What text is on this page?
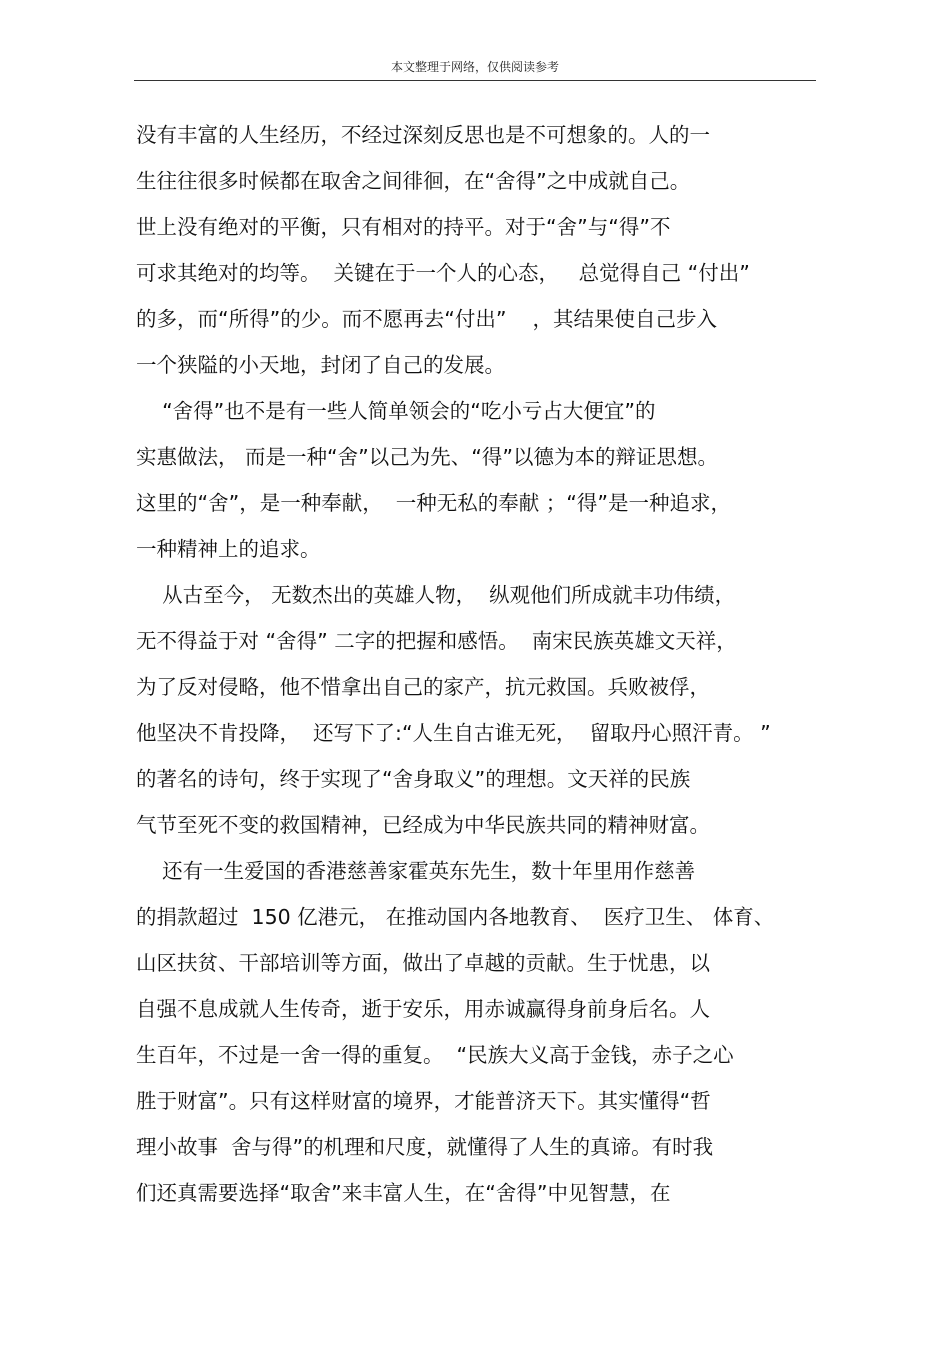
本文整理于网络，仅供阅读参考
没有丰富的人生经历，不经过深刻反思也是不可想象的。人的一
生往往很多时候都在取舍之间徘徊，在“舍得”之中成就自己。
世上没有绝对的平衡，只有相对的持平。对于“舍”与“得”不
可求其绝对的均等。  关键在于一个人的心态，   总觉得自己 “付出”
的多，而“所得”的少。而不愿再去“付出”    ，其结果使自己步入
一个狭隘的小天地，封闭了自己的发展。
“舍得”也不是有一些人简单领会的“吃小亏占大便宜”的
实惠做法， 而是一种“舍”以己为先、“得”以德为本的辩证思想。
这里的“舍”，是一种奉献，  一种无私的奉献 ；“得”是一种追求，
一种精神上的追求。
从古至今， 无数杰出的英雄人物，  纵观他们所成就丰功伟绩，
无不得益于对 “舍得” 二字的把握和感悟。  南宋民族英雄文天祥，
为了反对侵略，他不惜拿出自己的家产，抗元救国。兵败被俘，
他坚决不肯投降，  还写下了:“人生自古谁无死，  留取丹心照汗青。 ”
的著名的诗句，终于实现了“舍身取义”的理想。文天祥的民族
气节至死不变的救国精神，已经成为中华民族共同的精神财富。
还有一生爱国的香港慈善家霍英东先生，数十年里用作慈善
的捐款超过  150 亿港元， 在推动国内各地教育、  医疗卫生、 体育、
山区扶贫、干部培训等方面，做出了卓越的贡献。生于忧患，以
自强不息成就人生传奇，逝于安乐，用赤诚赢得身前身后名。人
生百年，不过是一舍一得的重复。  “民族大义高于金钱，赤子之心
胜于财富”。只有这样财富的境界，才能普济天下。其实懂得“哲
理小故事  舍与得”的机理和尺度，就懂得了人生的真谛。有时我
们还真需要选择“取舍”来丰富人生，在“舍得”中见智慧，在
